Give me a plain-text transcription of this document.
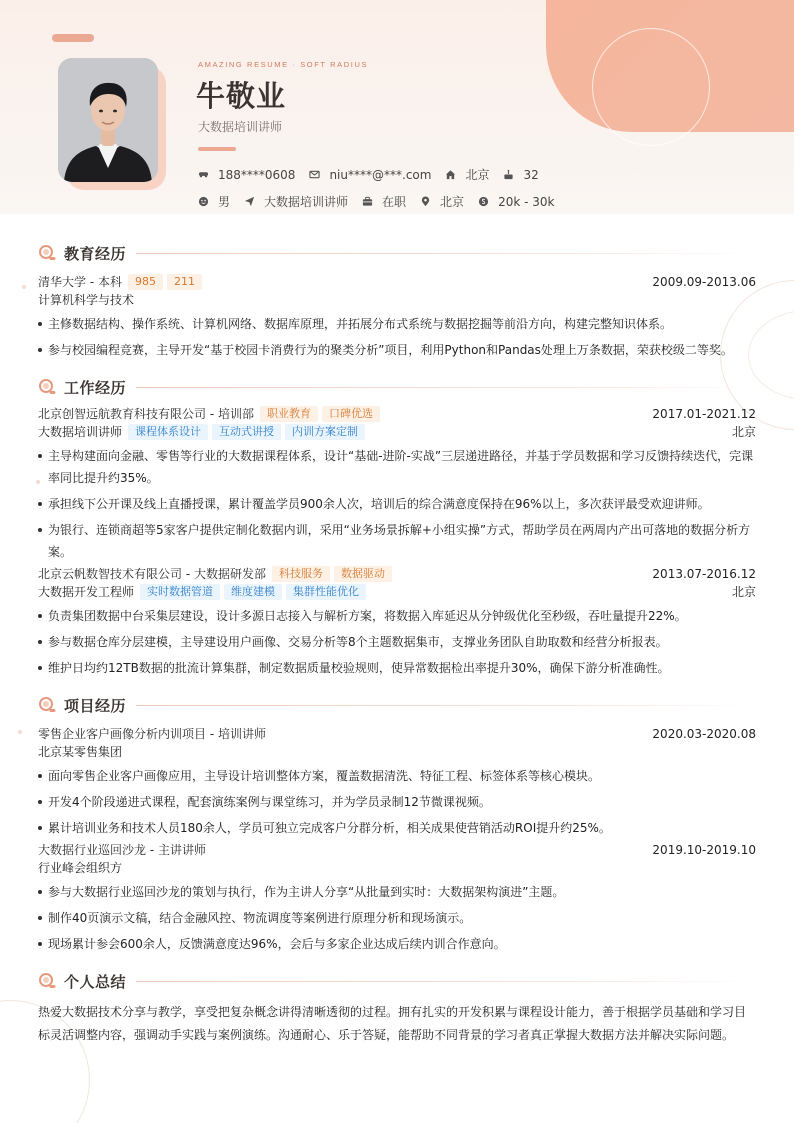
AMAZING RESUME · SOFT RADIUS
牛敬业
大数据培训讲师
188****0608	niu****@***.com	北京	32
男	大数据培训讲师	在职	北京	20k - 30k
教育经历
清华大学 - 本科	985	211	2009.09-2013.06
计算机科学与技术
主修数据结构、操作系统、计算机网络、数据库原理，并拓展分布式系统与数据挖掘等前沿方向，构建完整知识体系。
参与校园编程竞赛，主导开发“基于校园卡消费行为的聚类分析”项目，利用Python和Pandas处理上万条数据，荣获校级二等奖。
工作经历
北京创智远航教育科技有限公司 - 培训部	职业教育	口碑优选	2017.01-2021.12
大数据培训讲师	课程体系设计	互动式讲授	内训方案定制	北京
主导构建面向金融、零售等行业的大数据课程体系，设计“基础-进阶-实战”三层递进路径，并基于学员数据和学习反馈持续迭代，完课率同比提升约35%。
承担线下公开课及线上直播授课，累计覆盖学员900余人次，培训后的综合满意度保持在96%以上，多次获评最受欢迎讲师。
为银行、连锁商超等5家客户提供定制化数据内训，采用“业务场景拆解+小组实操”方式，帮助学员在两周内产出可落地的数据分析方案。
北京云帆数智技术有限公司 - 大数据研发部	科技服务	数据驱动	2013.07-2016.12
大数据开发工程师	实时数据管道	维度建模	集群性能优化	北京
负责集团数据中台采集层建设，设计多源日志接入与解析方案，将数据入库延迟从分钟级优化至秒级，吞吐量提升22%。
参与数据仓库分层建模，主导建设用户画像、交易分析等8个主题数据集市，支撑业务团队自助取数和经营分析报表。
维护日均约12TB数据的批流计算集群，制定数据质量校验规则，使异常数据检出率提升30%，确保下游分析准确性。
项目经历
零售企业客户画像分析内训项目 - 培训讲师	2020.03-2020.08
北京某零售集团
面向零售企业客户画像应用，主导设计培训整体方案，覆盖数据清洗、特征工程、标签体系等核心模块。
开发4个阶段递进式课程，配套演练案例与课堂练习，并为学员录制12节微课视频。
累计培训业务和技术人员180余人，学员可独立完成客户分群分析，相关成果使营销活动ROI提升约25%。
大数据行业巡回沙龙 - 主讲讲师	2019.10-2019.10
行业峰会组织方
参与大数据行业巡回沙龙的策划与执行，作为主讲人分享“从批量到实时：大数据架构演进”主题。
制作40页演示文稿，结合金融风控、物流调度等案例进行原理分析和现场演示。
现场累计参会600余人，反馈满意度达96%，会后与多家企业达成后续内训合作意向。
个人总结

热爱大数据技术分享与教学，享受把复杂概念讲得清晰透彻的过程。拥有扎实的开发积累与课程设计能力，善于根据学员基础和学习目标灵活调整内容，强调动手实践与案例演练。沟通耐心、乐于答疑，能帮助不同背景的学习者真正掌握大数据方法并解决实际问题。
